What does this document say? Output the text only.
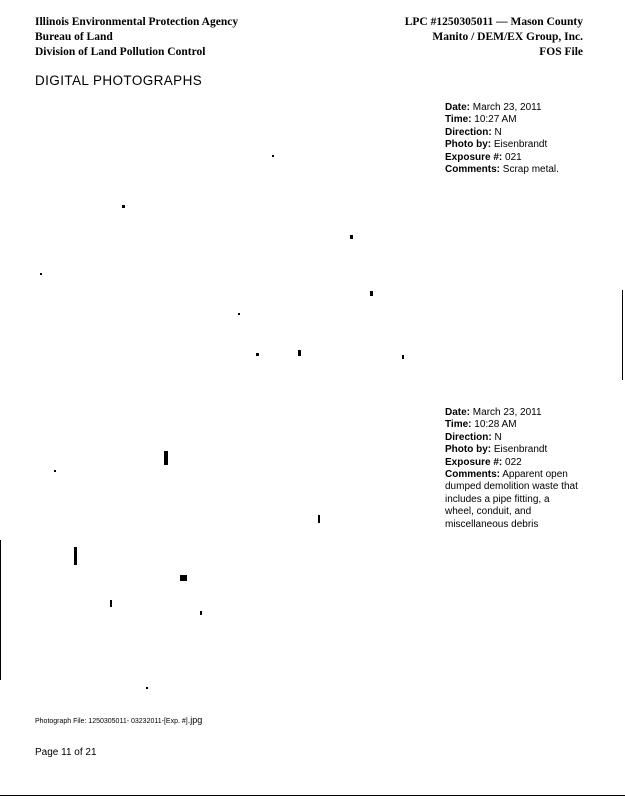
Illinois Environmental Protection Agency
Bureau of Land
Division of Land Pollution Control
LPC #1250305011 — Mason County
Manito / DEM/EX Group, Inc.
FOS File
DIGITAL PHOTOGRAPHS
Date: March 23, 2011
Time: 10:27 AM
Direction: N
Photo by: Eisenbrandt
Exposure #: 021
Comments: Scrap metal.
Date: March 23, 2011
Time: 10:28 AM
Direction: N
Photo by: Eisenbrandt
Exposure #: 022
Comments: Apparent open dumped demolition waste that includes a pipe fitting, a wheel, conduit, and miscellaneous debris
Photograph File: 1250305011- 03232011-[Exp. #].jpg
Page 11 of 21
